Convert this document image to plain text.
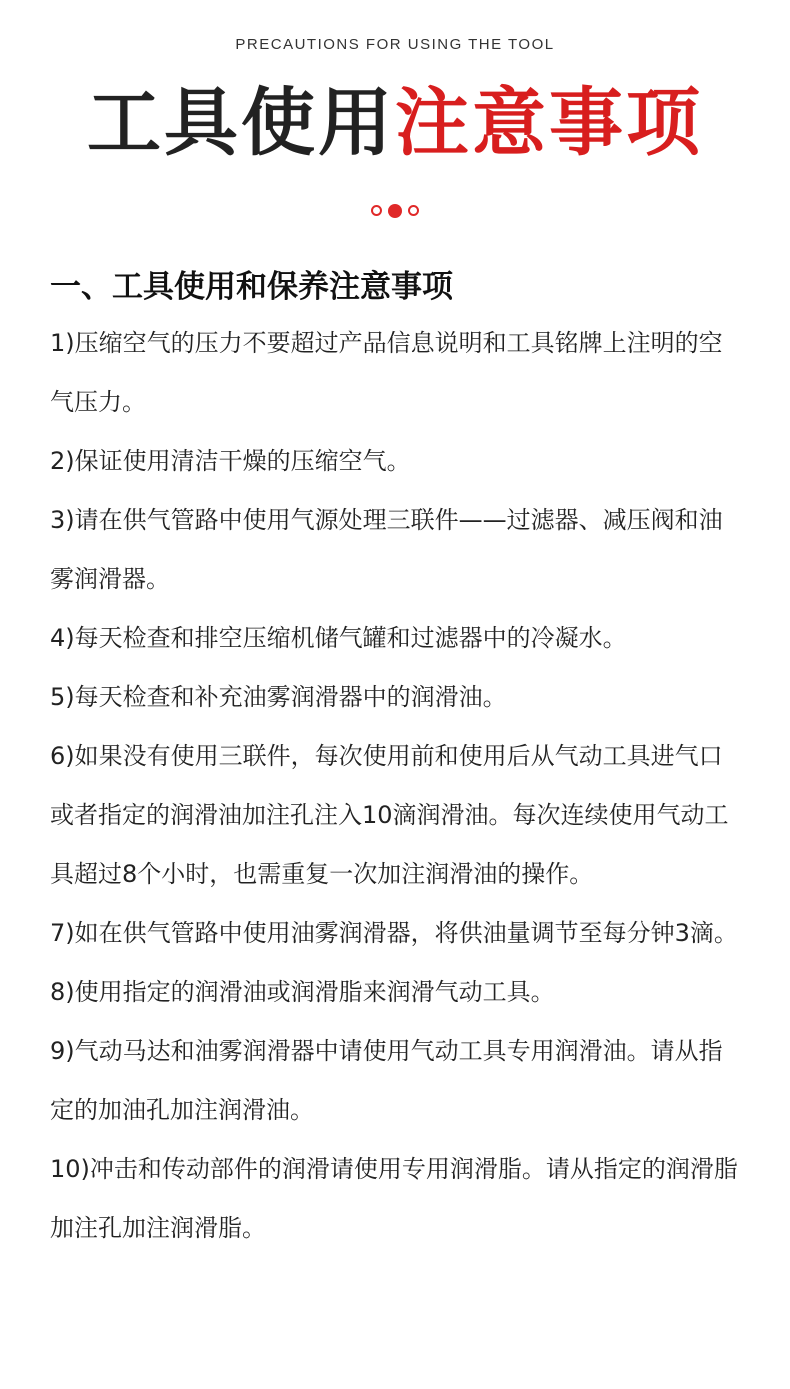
PRECAUTIONS FOR USING THE TOOL
工具使用注意事项
一、工具使用和保养注意事项
1)压缩空气的压力不要超过产品信息说明和工具铭牌上注明的空气压力。
2)保证使用清洁干燥的压缩空气。
3)请在供气管路中使用气源处理三联件——过滤器、减压阀和油雾润滑器。
4)每天检查和排空压缩机储气罐和过滤器中的冷凝水。
5)每天检查和补充油雾润滑器中的润滑油。
6)如果没有使用三联件，每次使用前和使用后从气动工具进气口或者指定的润滑油加注孔注入10滴润滑油。每次连续使用气动工具超过8个小时，也需重复一次加注润滑油的操作。
7)如在供气管路中使用油雾润滑器，将供油量调节至每分钟3滴。
8)使用指定的润滑油或润滑脂来润滑气动工具。
9)气动马达和油雾润滑器中请使用气动工具专用润滑油。请从指定的加油孔加注润滑油。
10)冲击和传动部件的润滑请使用专用润滑脂。请从指定的润滑脂加注孔加注润滑脂。
